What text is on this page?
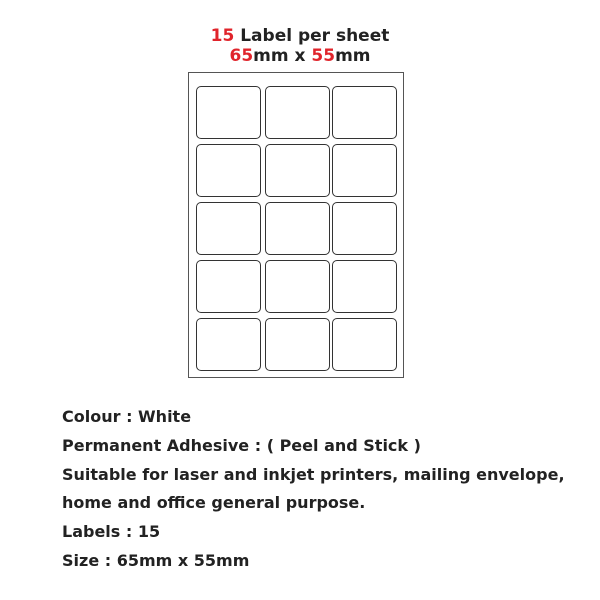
15 Label per sheet
65mm x 55mm
Colour : White
Permanent Adhesive : ( Peel and Stick )
Suitable for laser and inkjet printers, mailing envelope,
home and office general purpose.
Labels : 15
Size : 65mm x 55mm
